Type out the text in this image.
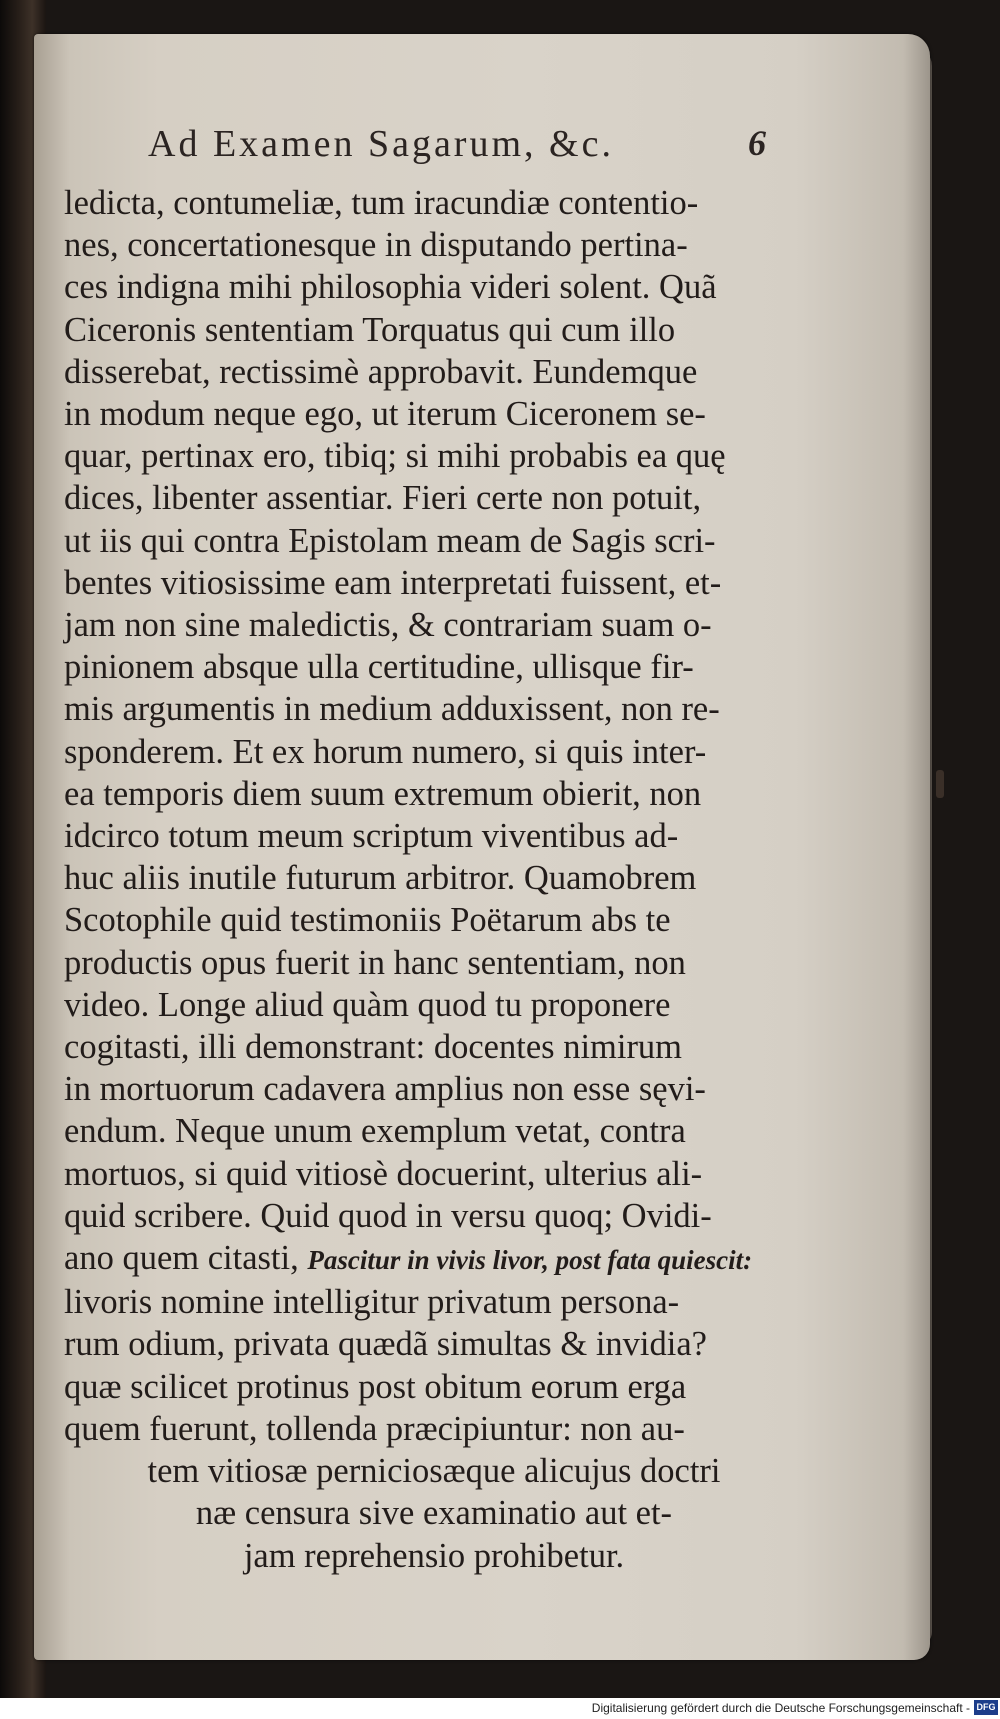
Ad Examen Sagarum, &c.	6
ledicta, contumeliæ, tum iracundiæ contentio-
nes, concertationesque in disputando pertina-
ces indigna mihi philosophia videri solent. Quã
Ciceronis sententiam Torquatus qui cum illo
disserebat, rectissimè approbavit. Eundemque
in modum neque ego, ut iterum Ciceronem se-
quar, pertinax ero, tibiq; si mihi probabis ea quę
dices, libenter assentiar. Fieri certe non potuit,
ut iis qui contra Epistolam meam de Sagis scri-
bentes vitiosissime eam interpretati fuissent, et-
jam non sine maledictis, & contrariam suam o-
pinionem absque ulla certitudine, ullisque fir-
mis argumentis in medium adduxissent, non re-
sponderem. Et ex horum numero, si quis inter-
ea temporis diem suum extremum obierit, non
idcirco totum meum scriptum viventibus ad-
huc aliis inutile futurum arbitror. Quamobrem
Scotophile quid testimoniis Poëtarum abs te
productis opus fuerit in hanc sententiam, non
video. Longe aliud quàm quod tu proponere
cogitasti, illi demonstrant: docentes nimirum
in mortuorum cadavera amplius non esse sęvi-
endum. Neque unum exemplum vetat, contra
mortuos, si quid vitiosè docuerint, ulterius ali-
quid scribere. Quid quod in versu quoq; Ovidi-
ano quem citasti, Pascitur in vivis livor, post fata quiescit:
livoris nomine intelligitur privatum persona-
rum odium, privata quædã simultas & invidia?
quæ scilicet protinus post obitum eorum erga
quem fuerunt, tollenda præcipiuntur: non au-
tem vitiosæ perniciosæque alicujus doctri
næ censura sive examinatio aut et-
jam reprehensio prohibetur.
Digitalisierung gefördert durch die Deutsche Forschungsgemeinschaft - DFG
